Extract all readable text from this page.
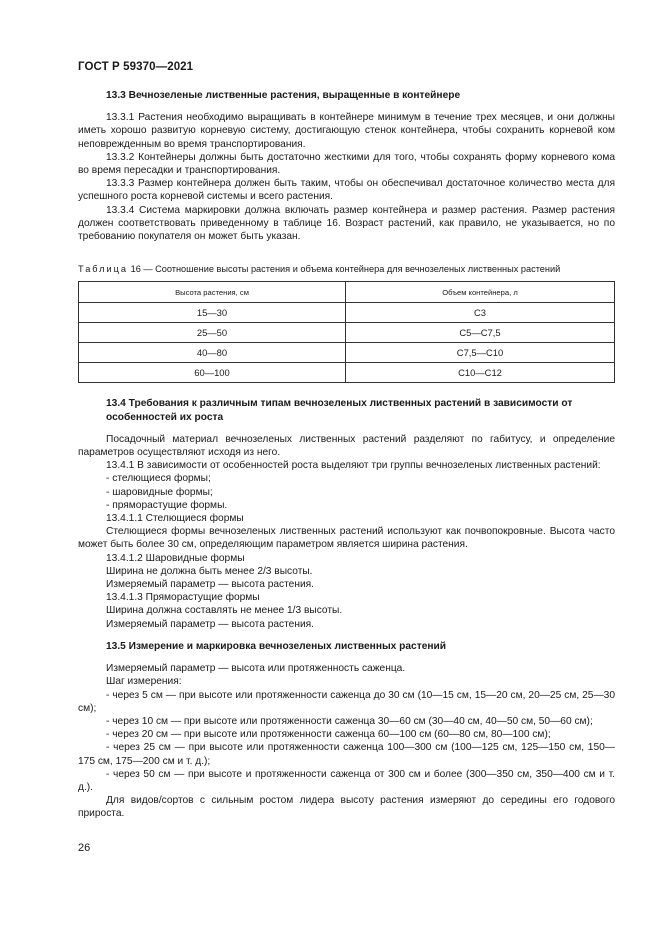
ГОСТ Р 59370—2021

13.3 Вечнозеленые лиственные растения, выращенные в контейнере

13.3.1 Растения необходимо выращивать в контейнере минимум в течение трех месяцев, и они должны иметь хорошо развитую корневую систему, достигающую стенок контейнера, чтобы сохранить корневой ком неповрежденным во время транспортирования.

13.3.2 Контейнеры должны быть достаточно жесткими для того, чтобы сохранять форму корневого кома во время пересадки и транспортирования.

13.3.3 Размер контейнера должен быть таким, чтобы он обеспечивал достаточное количество места для успешного роста корневой системы и всего растения.

13.3.4 Система маркировки должна включать размер контейнера и размер растения. Размер растения должен соответствовать приведенному в таблице 16. Возраст растений, как правило, не указывается, но по требованию покупателя он может быть указан.

Таблица 16 — Соотношение высоты растения и объема контейнера для вечнозеленых лиственных растений

Высота растения, см	Объем контейнера, л
15—30	C3
25—50	C5—C7,5
40—80	C7,5—C10
60—100	C10—C12

13.4 Требования к различным типам вечнозеленых лиственных растений в зависимости от особенностей их роста

Посадочный материал вечнозеленых лиственных растений разделяют по габитусу, и определение параметров осуществляют исходя из него.

13.4.1 В зависимости от особенностей роста выделяют три группы вечнозеленых лиственных растений:

- стелющиеся формы;

- шаровидные формы;

- пряморастущие формы.

13.4.1.1 Стелющиеся формы

Стелющиеся формы вечнозеленых лиственных растений используют как почвопокровные. Высота часто может быть более 30 см, определяющим параметром является ширина растения.

13.4.1.2 Шаровидные формы

Ширина не должна быть менее 2/3 высоты.

Измеряемый параметр — высота растения.

13.4.1.3 Пряморастущие формы

Ширина должна составлять не менее 1/3 высоты.

Измеряемый параметр — высота растения.

13.5 Измерение и маркировка вечнозеленых лиственных растений

Измеряемый параметр — высота или протяженность саженца.

Шаг измерения:

- через 5 см — при высоте или протяженности саженца до 30 см (10—15 см, 15—20 см, 20—25 см, 25—30 см);

- через 10 см — при высоте или протяженности саженца 30—60 см (30—40 см, 40—50 см, 50—60 см);

- через 20 см — при высоте или протяженности саженца 60—100 см (60—80 см, 80—100 см);

- через 25 см — при высоте или протяженности саженца 100—300 см (100—125 см, 125—150 см, 150—175 см, 175—200 см и т. д.);

- через 50 см — при высоте и протяженности саженца от 300 см и более (300—350 см, 350—400 см и т. д.).

Для видов/сортов с сильным ростом лидера высоту растения измеряют до середины его годового прироста.

26
